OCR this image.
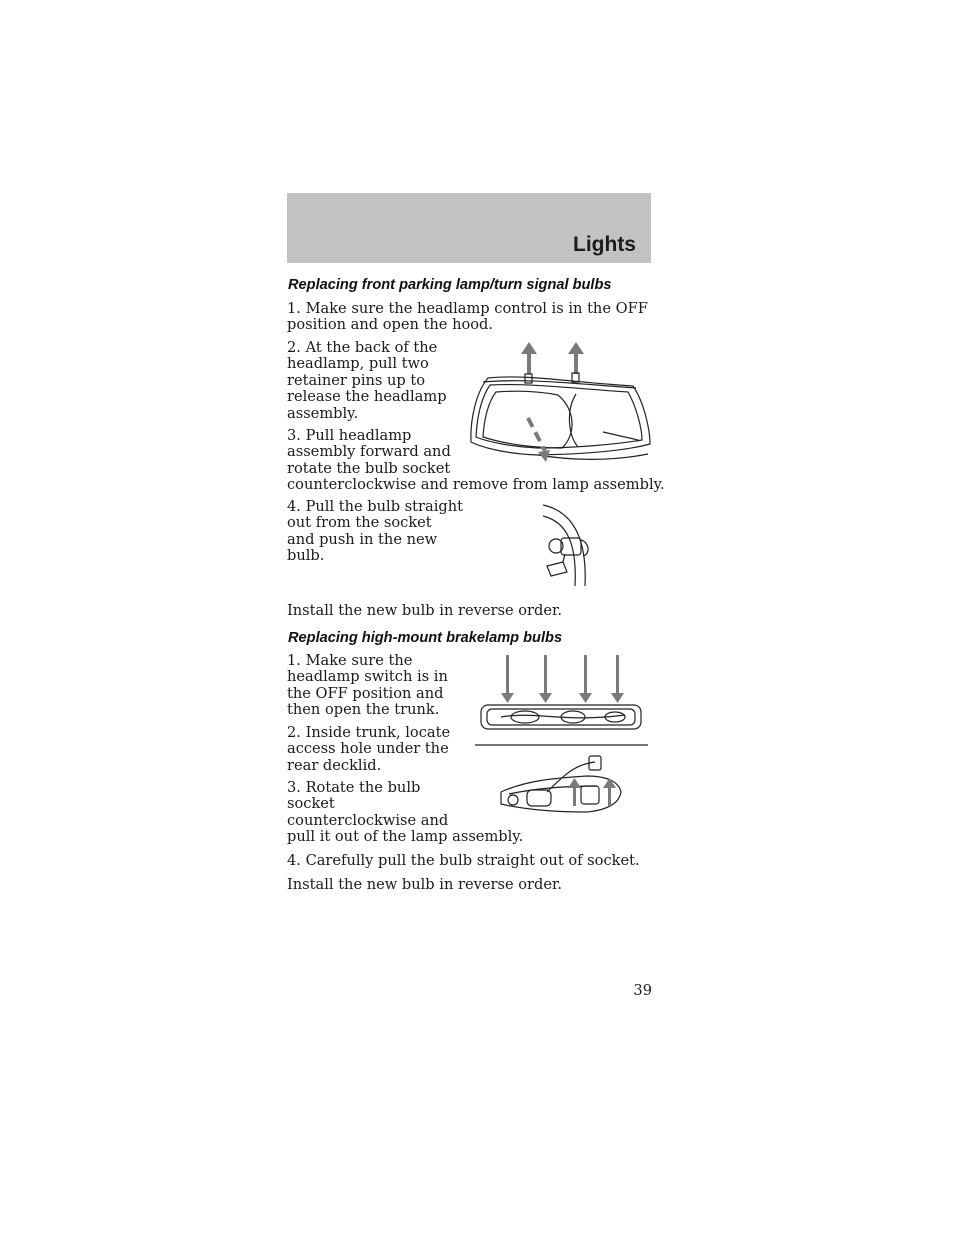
Lights
Replacing front parking lamp/turn signal bulbs
1. Make sure the headlamp control is in the OFF
position and open the hood.
2. At the back of the
headlamp, pull two
retainer pins up to
release the headlamp
assembly.
3. Pull headlamp
assembly forward and
rotate the bulb socket
counterclockwise and remove from lamp assembly.
4. Pull the bulb straight
out from the socket
and push in the new
bulb.
Install the new bulb in reverse order.
Replacing high-mount brakelamp bulbs
1. Make sure the
headlamp switch is in
the OFF position and
then open the trunk.
2. Inside trunk, locate
access hole under the
rear decklid.
3. Rotate the bulb
socket
counterclockwise and
pull it out of the lamp assembly.
4. Carefully pull the bulb straight out of socket.
Install the new bulb in reverse order.
39
